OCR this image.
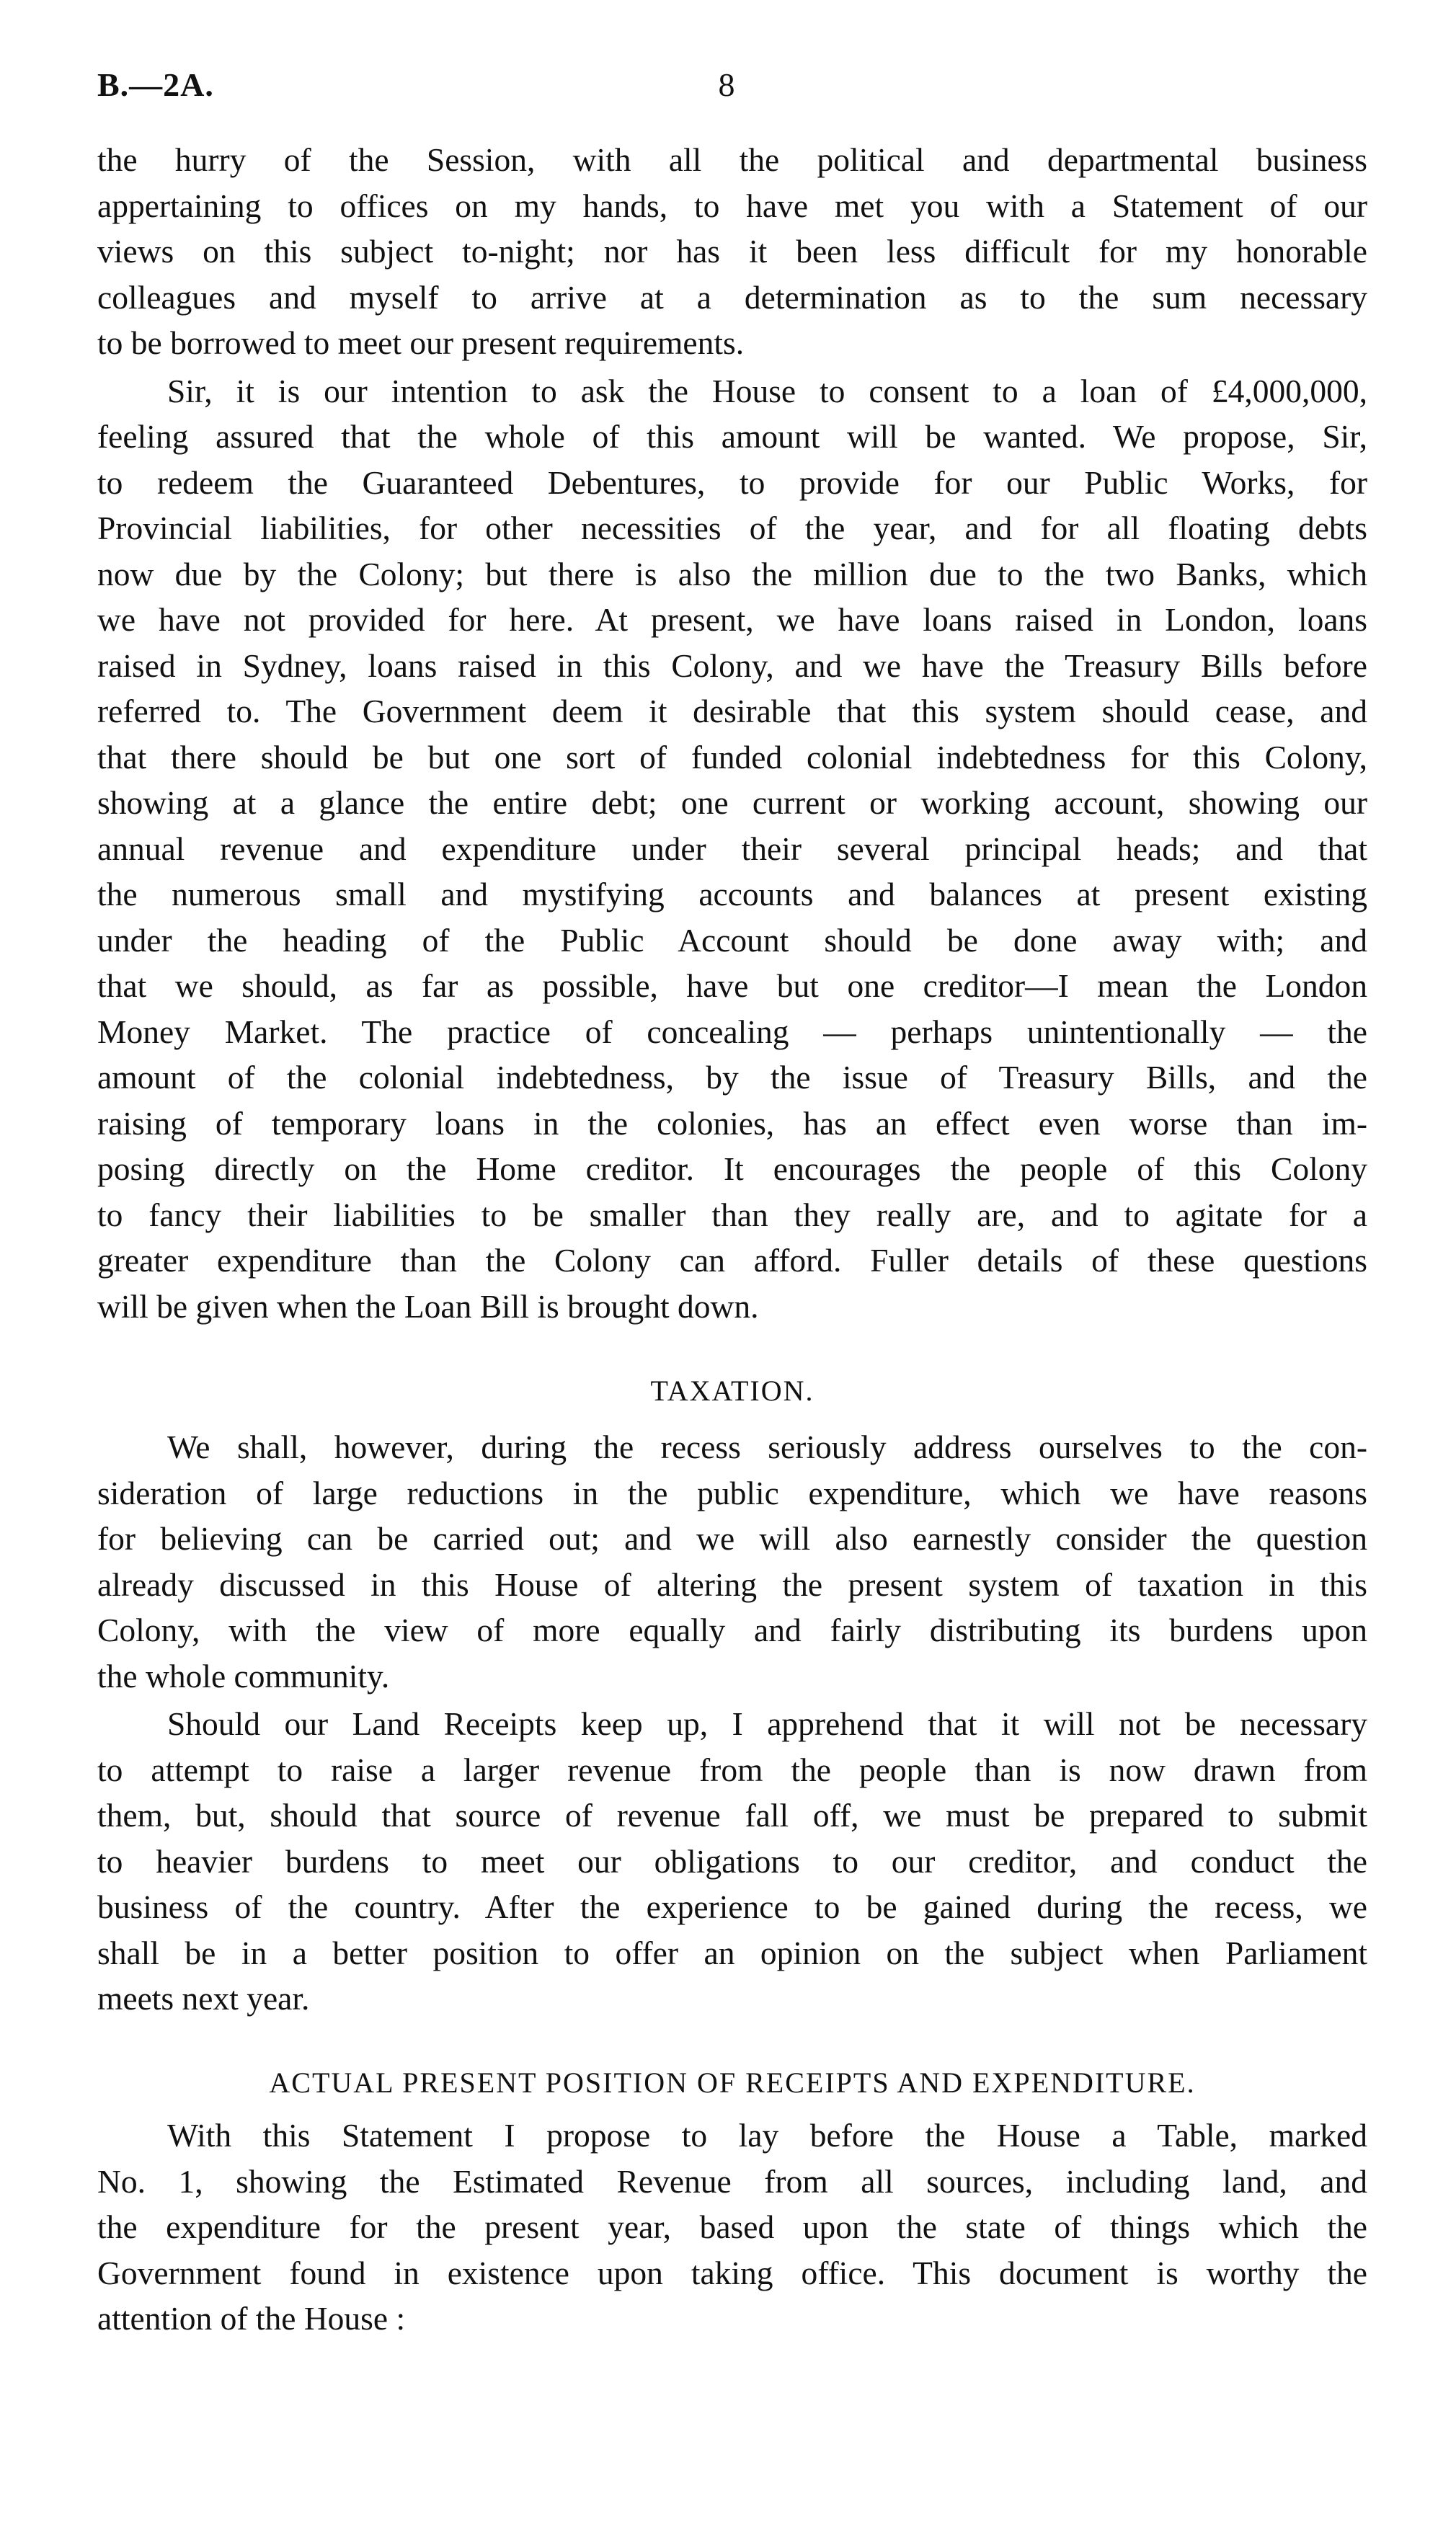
B.—2A.	8
the hurry of the Session, with all the political and departmental business
appertaining to offices on my hands, to have met you with a Statement of our
views on this subject to-night; nor has it been less difficult for my honorable
colleagues and myself to arrive at a determination as to the sum necessary
to be borrowed to meet our present requirements.
Sir, it is our intention to ask the House to consent to a loan of £4,000,000,
feeling assured that the whole of this amount will be wanted. We propose, Sir,
to redeem the Guaranteed Debentures, to provide for our Public Works, for
Provincial liabilities, for other necessities of the year, and for all floating debts
now due by the Colony; but there is also the million due to the two Banks, which
we have not provided for here. At present, we have loans raised in London, loans
raised in Sydney, loans raised in this Colony, and we have the Treasury Bills before
referred to. The Government deem it desirable that this system should cease, and
that there should be but one sort of funded colonial indebtedness for this Colony,
showing at a glance the entire debt; one current or working account, showing our
annual revenue and expenditure under their several principal heads; and that
the numerous small and mystifying accounts and balances at present existing
under the heading of the Public Account should be done away with; and
that we should, as far as possible, have but one creditor—I mean the London
Money Market. The practice of concealing — perhaps unintentionally — the
amount of the colonial indebtedness, by the issue of Treasury Bills, and the
raising of temporary loans in the colonies, has an effect even worse than im-
posing directly on the Home creditor. It encourages the people of this Colony
to fancy their liabilities to be smaller than they really are, and to agitate for a
greater expenditure than the Colony can afford. Fuller details of these questions
will be given when the Loan Bill is brought down.
TAXATION.
We shall, however, during the recess seriously address ourselves to the con-
sideration of large reductions in the public expenditure, which we have reasons
for believing can be carried out; and we will also earnestly consider the question
already discussed in this House of altering the present system of taxation in this
Colony, with the view of more equally and fairly distributing its burdens upon
the whole community.
Should our Land Receipts keep up, I apprehend that it will not be necessary
to attempt to raise a larger revenue from the people than is now drawn from
them, but, should that source of revenue fall off, we must be prepared to submit
to heavier burdens to meet our obligations to our creditor, and conduct the
business of the country. After the experience to be gained during the recess, we
shall be in a better position to offer an opinion on the subject when Parliament
meets next year.
ACTUAL PRESENT POSITION OF RECEIPTS AND EXPENDITURE.
With this Statement I propose to lay before the House a Table, marked
No. 1, showing the Estimated Revenue from all sources, including land, and
the expenditure for the present year, based upon the state of things which the
Government found in existence upon taking office. This document is worthy the
attention of the House :
